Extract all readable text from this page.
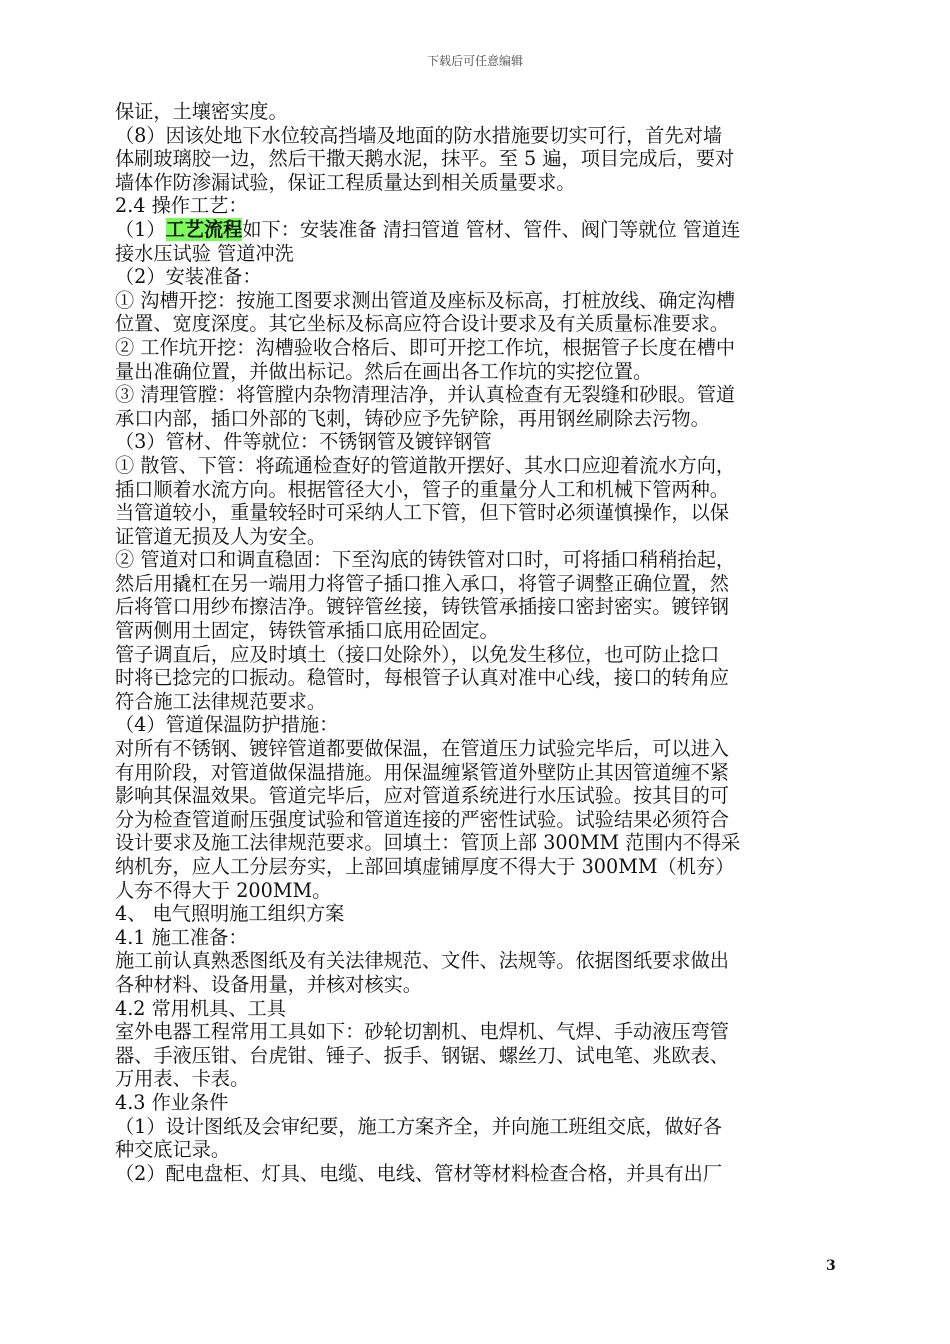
下载后可任意编辑
保证，土壤密实度。
（8）因该处地下水位较高挡墙及地面的防水措施要切实可行，首先对墙
体刷玻璃胶一边，然后干撒天鹅水泥，抹平。至 5 遍，项目完成后，要对
墙体作防渗漏试验，保证工程质量达到相关质量要求。
2.4 操作工艺：
（1）工艺流程如下：安装准备 清扫管道 管材、管件、阀门等就位 管道连
接水压试验 管道冲洗
（2）安装准备：
① 沟槽开挖：按施工图要求测出管道及座标及标高，打桩放线、确定沟槽
位置、宽度深度。其它坐标及标高应符合设计要求及有关质量标准要求。
② 工作坑开挖：沟槽验收合格后、即可开挖工作坑，根据管子长度在槽中
量出准确位置，并做出标记。然后在画出各工作坑的实挖位置。
③ 清理管膛：将管膛内杂物清理洁净，并认真检查有无裂缝和砂眼。管道
承口内部，插口外部的飞刺，铸砂应予先铲除，再用钢丝刷除去污物。
（3）管材、件等就位：不锈钢管及镀锌钢管
① 散管、下管：将疏通检查好的管道散开摆好、其水口应迎着流水方向，
插口顺着水流方向。根据管径大小，管子的重量分人工和机械下管两种。
当管道较小，重量较轻时可采纳人工下管，但下管时必须谨慎操作，以保
证管道无损及人为安全。
② 管道对口和调直稳固：下至沟底的铸铁管对口时，可将插口稍稍抬起，
然后用撬杠在另一端用力将管子插口推入承口，将管子调整正确位置，然
后将管口用纱布擦洁净。镀锌管丝接，铸铁管承插接口密封密实。镀锌钢
管两侧用土固定，铸铁管承插口底用砼固定。
管子调直后，应及时填土（接口处除外），以免发生移位，也可防止捻口
时将已捻完的口振动。稳管时，每根管子认真对准中心线，接口的转角应
符合施工法律规范要求。
（4）管道保温防护措施：
对所有不锈钢、镀锌管道都要做保温，在管道压力试验完毕后，可以进入
有用阶段，对管道做保温措施。用保温缠紧管道外壁防止其因管道缠不紧
影响其保温效果。管道完毕后，应对管道系统进行水压试验。按其目的可
分为检查管道耐压强度试验和管道连接的严密性试验。试验结果必须符合
设计要求及施工法律规范要求。回填土：管顶上部 300MM 范围内不得采
纳机夯，应人工分层夯实，上部回填虚铺厚度不得大于 300MM（机夯）
人夯不得大于 200MM。
4、 电气照明施工组织方案
4.1 施工准备：
施工前认真熟悉图纸及有关法律规范、文件、法规等。依据图纸要求做出
各种材料、设备用量，并核对核实。
4.2 常用机具、工具
室外电器工程常用工具如下：砂轮切割机、电焊机、气焊、手动液压弯管
器、手液压钳、台虎钳、锤子、扳手、钢锯、螺丝刀、试电笔、兆欧表、
万用表、卡表。
4.3 作业条件
（1）设计图纸及会审纪要，施工方案齐全，并向施工班组交底，做好各
种交底记录。
（2）配电盘柜、灯具、电缆、电线、管材等材料检查合格，并具有出厂
3
